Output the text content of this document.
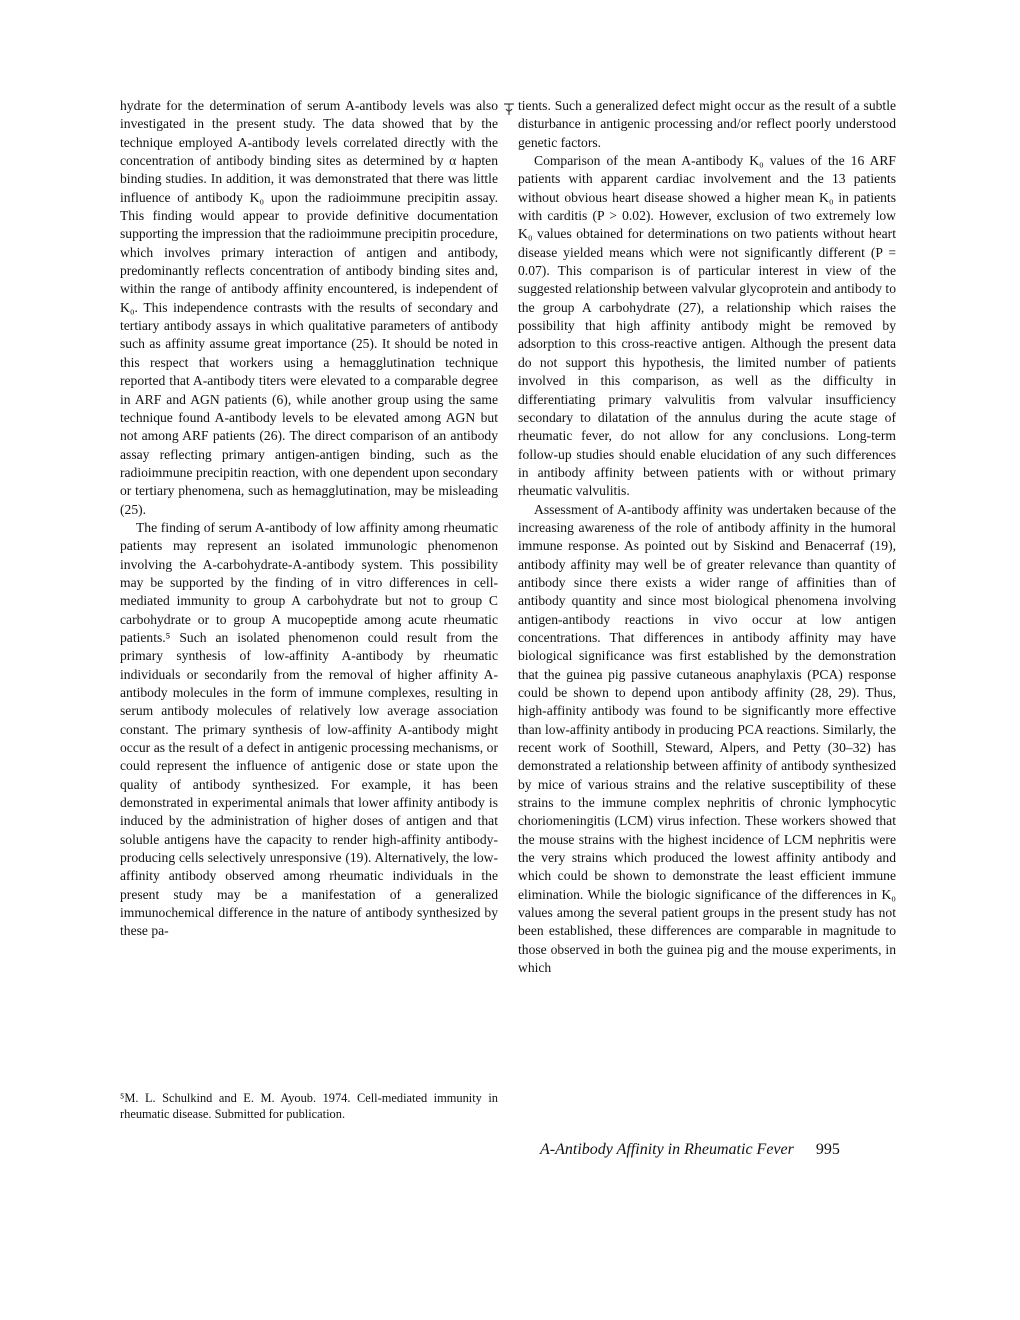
hydrate for the determination of serum A-antibody levels was also investigated in the present study. The data showed that by the technique employed A-antibody levels correlated directly with the concentration of antibody binding sites as determined by α hapten binding studies. In addition, it was demonstrated that there was little influence of antibody K₀ upon the radioimmune precipitin assay. This finding would appear to provide definitive documentation supporting the impression that the radioimmune precipitin procedure, which involves primary interaction of antigen and antibody, predominantly reflects concentration of antibody binding sites and, within the range of antibody affinity encountered, is independent of K₀. This independence contrasts with the results of secondary and tertiary antibody assays in which qualitative parameters of antibody such as affinity assume great importance (25). It should be noted in this respect that workers using a hemagglutination technique reported that A-antibody titers were elevated to a comparable degree in ARF and AGN patients (6), while another group using the same technique found A-antibody levels to be elevated among AGN but not among ARF patients (26). The direct comparison of an antibody assay reflecting primary antigen-antigen binding, such as the radioimmune precipitin reaction, with one dependent upon secondary or tertiary phenomena, such as hemagglutination, may be misleading (25).

The finding of serum A-antibody of low affinity among rheumatic patients may represent an isolated immunologic phenomenon involving the A-carbohydrate-A-antibody system. This possibility may be supported by the finding of in vitro differences in cell-mediated immunity to group A carbohydrate but not to group C carbohydrate or to group A mucopeptide among acute rheumatic patients.⁵ Such an isolated phenomenon could result from the primary synthesis of low-affinity A-antibody by rheumatic individuals or secondarily from the removal of higher affinity A-antibody molecules in the form of immune complexes, resulting in serum antibody molecules of relatively low average association constant. The primary synthesis of low-affinity A-antibody might occur as the result of a defect in antigenic processing mechanisms, or could represent the influence of antigenic dose or state upon the quality of antibody synthesized. For example, it has been demonstrated in experimental animals that lower affinity antibody is induced by the administration of higher doses of antigen and that soluble antigens have the capacity to render high-affinity antibody-producing cells selectively unresponsive (19). Alternatively, the low-affinity antibody observed among rheumatic individuals in the present study may be a manifestation of a generalized immunochemical difference in the nature of antibody synthesized by these pa-

tients. Such a generalized defect might occur as the result of a subtle disturbance in antigenic processing and/or reflect poorly understood genetic factors.

Comparison of the mean A-antibody K₀ values of the 16 ARF patients with apparent cardiac involvement and the 13 patients without obvious heart disease showed a higher mean K₀ in patients with carditis (P > 0.02). However, exclusion of two extremely low K₀ values obtained for determinations on two patients without heart disease yielded means which were not significantly different (P = 0.07). This comparison is of particular interest in view of the suggested relationship between valvular glycoprotein and antibody to the group A carbohydrate (27), a relationship which raises the possibility that high affinity antibody might be removed by adsorption to this cross-reactive antigen. Although the present data do not support this hypothesis, the limited number of patients involved in this comparison, as well as the difficulty in differentiating primary valvulitis from valvular insufficiency secondary to dilatation of the annulus during the acute stage of rheumatic fever, do not allow for any conclusions. Long-term follow-up studies should enable elucidation of any such differences in antibody affinity between patients with or without primary rheumatic valvulitis.

Assessment of A-antibody affinity was undertaken because of the increasing awareness of the role of antibody affinity in the humoral immune response. As pointed out by Siskind and Benacerraf (19), antibody affinity may well be of greater relevance than quantity of antibody since there exists a wider range of affinities than of antibody quantity and since most biological phenomena involving antigen-antibody reactions in vivo occur at low antigen concentrations. That differences in antibody affinity may have biological significance was first established by the demonstration that the guinea pig passive cutaneous anaphylaxis (PCA) response could be shown to depend upon antibody affinity (28, 29). Thus, high-affinity antibody was found to be significantly more effective than low-affinity antibody in producing PCA reactions. Similarly, the recent work of Soothill, Steward, Alpers, and Petty (30–32) has demonstrated a relationship between affinity of antibody synthesized by mice of various strains and the relative susceptibility of these strains to the immune complex nephritis of chronic lymphocytic choriomeningitis (LCM) virus infection. These workers showed that the mouse strains with the highest incidence of LCM nephritis were the very strains which produced the lowest affinity antibody and which could be shown to demonstrate the least efficient immune elimination. While the biologic significance of the differences in K₀ values among the several patient groups in the present study has not been established, these differences are comparable in magnitude to those observed in both the guinea pig and the mouse experiments, in which

⁵M. L. Schulkind and E. M. Ayoub. 1974. Cell-mediated immunity in rheumatic disease. Submitted for publication.
A-Antibody Affinity in Rheumatic Fever 995
